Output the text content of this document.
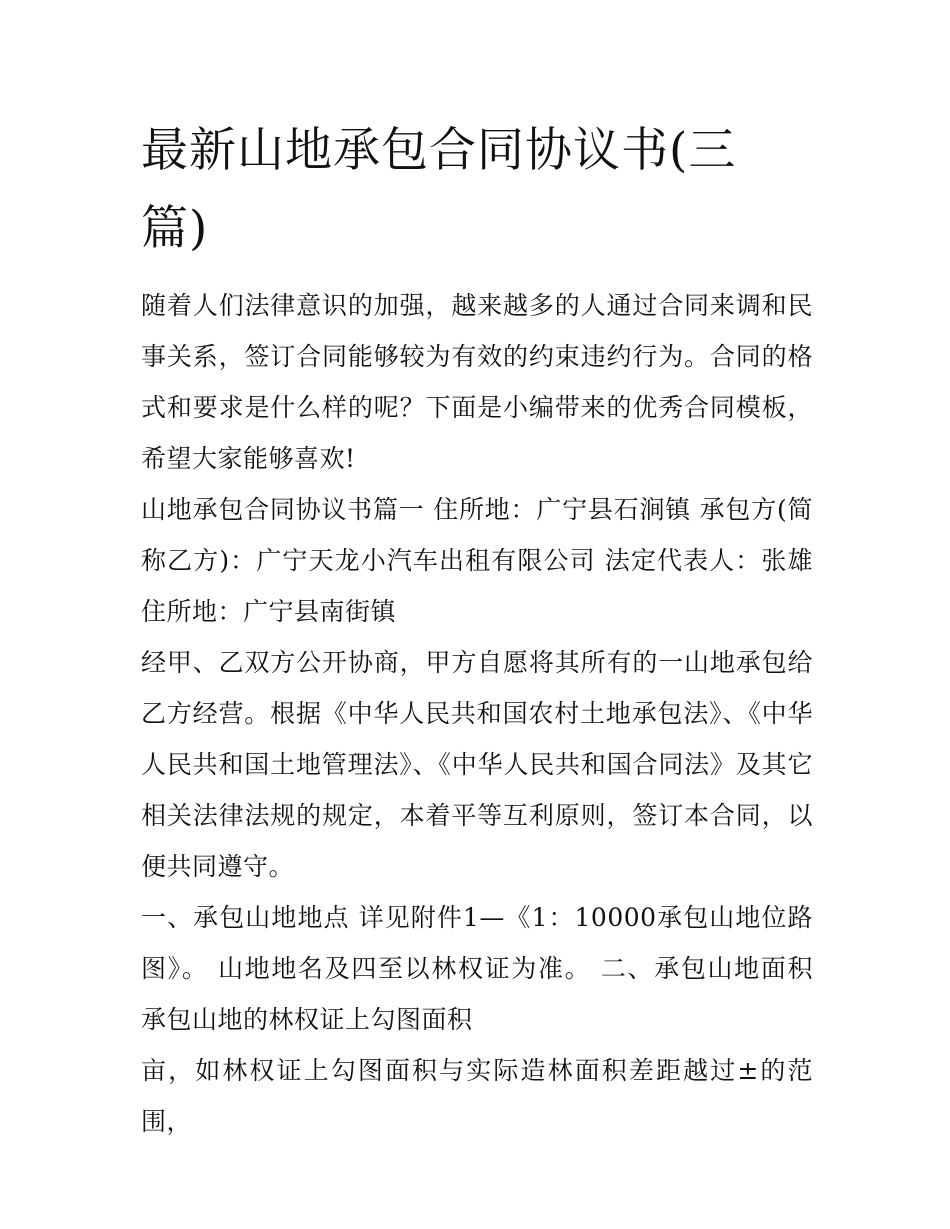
最新山地承包合同协议书(三篇)

随着人们法律意识的加强，越来越多的人通过合同来调和民事关系，签订合同能够较为有效的约束违约行为。合同的格式和要求是什么样的呢？下面是小编带来的优秀合同模板，希望大家能够喜欢!

山地承包合同协议书篇一 住所地：广宁县石涧镇 承包方(简称乙方)：广宁天龙小汽车出租有限公司 法定代表人：张雄 住所地：广宁县南街镇

经甲、乙双方公开协商，甲方自愿将其所有的一山地承包给乙方经营。根据《中华人民共和国农村土地承包法》、《中华人民共和国土地管理法》、《中华人民共和国合同法》及其它相关法律法规的规定，本着平等互利原则，签订本合同，以便共同遵守。

一、承包山地地点 详见附件1—《1：10000承包山地位路图》。 山地地名及四至以林权证为准。 二、承包山地面积 承包山地的林权证上勾图面积

亩，如林权证上勾图面积与实际造林面积差距越过±的范围，
